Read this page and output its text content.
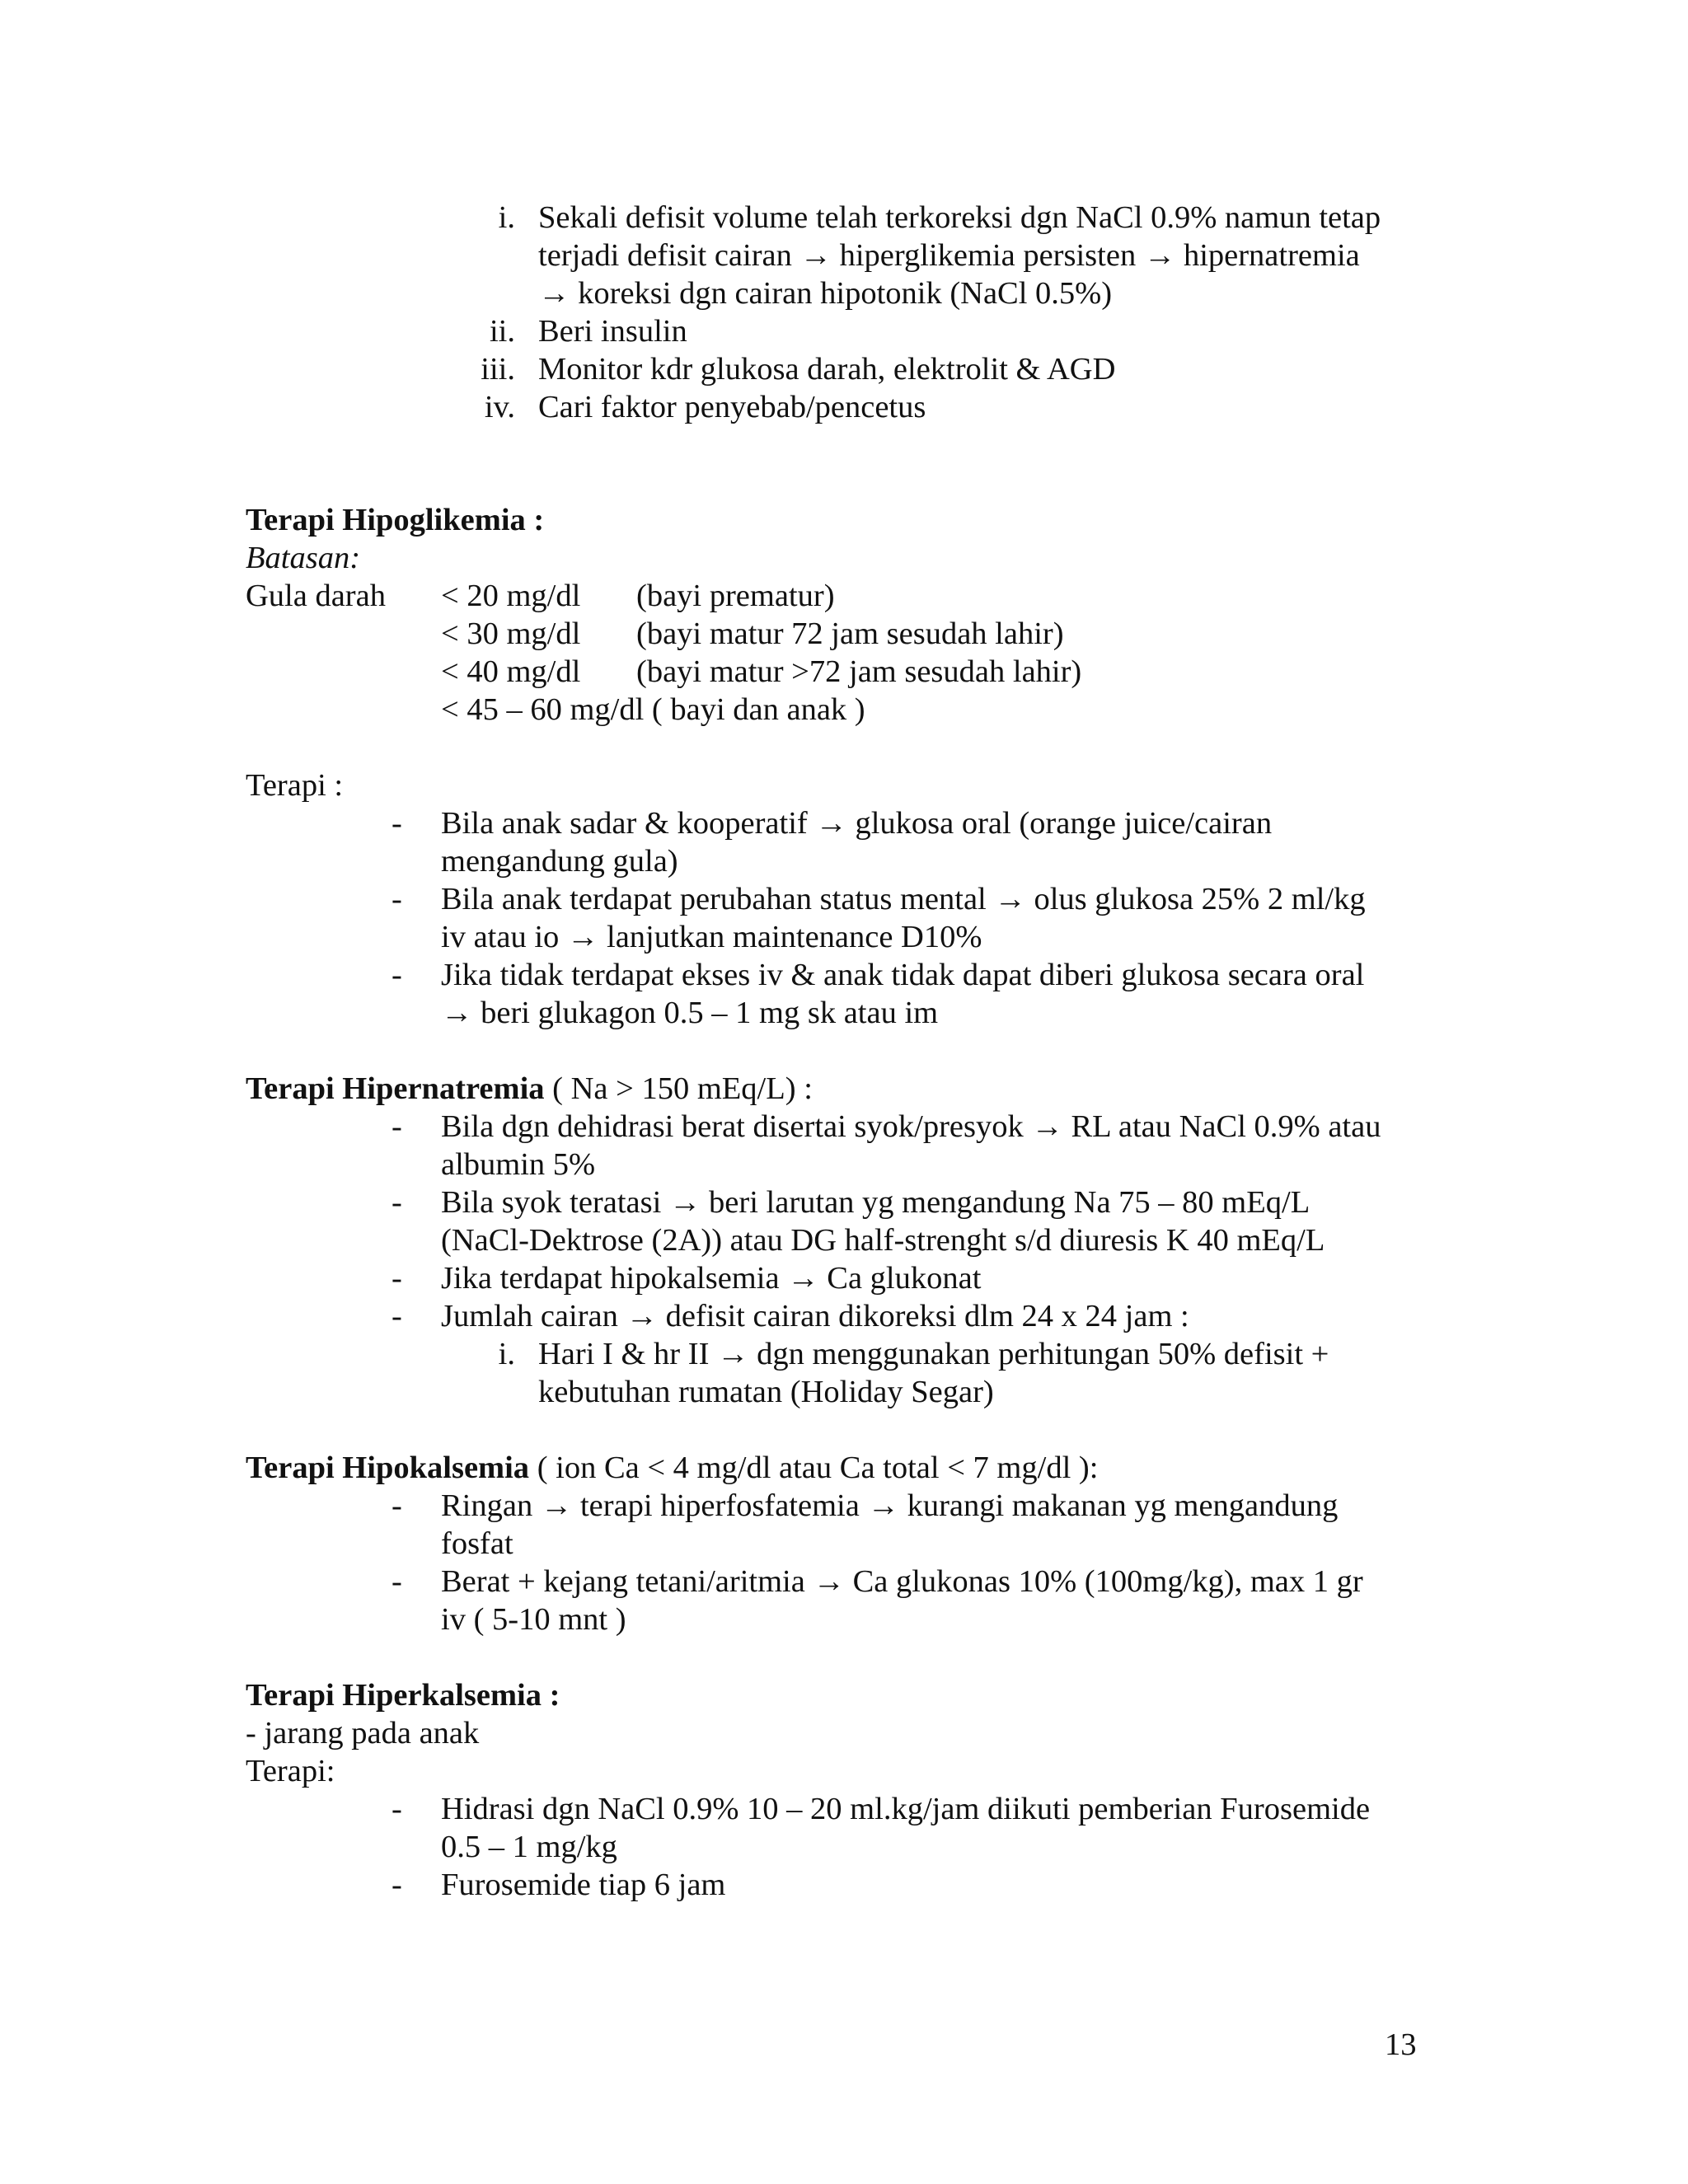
i. Sekali defisit volume telah terkoreksi dgn NaCl 0.9% namun tetap
terjadi defisit cairan → hiperglikemia persisten → hipernatremia
→ koreksi dgn cairan hipotonik (NaCl 0.5%)
ii. Beri insulin
iii. Monitor kdr glukosa darah, elektrolit & AGD
iv. Cari faktor penyebab/pencetus
Terapi Hipoglikemia :
Batasan:
Gula darah < 20 mg/dl (bayi prematur)
< 30 mg/dl (bayi matur 72 jam sesudah lahir)
< 40 mg/dl (bayi matur >72 jam sesudah lahir)
< 45 – 60 mg/dl ( bayi dan anak )
Terapi :
-	Bila anak sadar & kooperatif → glukosa oral (orange juice/cairan
mengandung gula)
-	Bila anak terdapat perubahan status mental → olus glukosa 25% 2 ml/kg
iv atau io → lanjutkan maintenance D10%
-	Jika tidak terdapat ekses iv & anak tidak dapat diberi glukosa secara oral
→ beri glukagon 0.5 – 1 mg sk atau im
Terapi Hipernatremia ( Na > 150 mEq/L) :
-	Bila dgn dehidrasi berat disertai syok/presyok → RL atau NaCl 0.9% atau
albumin 5%
-	Bila syok teratasi → beri larutan yg mengandung Na 75 – 80 mEq/L
(NaCl-Dektrose (2A)) atau DG half-strenght s/d diuresis K 40 mEq/L
-	Jika terdapat hipokalsemia → Ca glukonat
-	Jumlah cairan → defisit cairan dikoreksi dlm 24 x 24 jam :
i. Hari I & hr II → dgn menggunakan perhitungan 50% defisit +
kebutuhan rumatan (Holiday Segar)
Terapi Hipokalsemia ( ion Ca < 4 mg/dl atau Ca total < 7 mg/dl ):
-	Ringan → terapi hiperfosfatemia → kurangi makanan yg mengandung
fosfat
-	Berat + kejang tetani/aritmia → Ca glukonas 10% (100mg/kg), max 1 gr
iv ( 5-10 mnt )
Terapi Hiperkalsemia :
- jarang pada anak
Terapi:
-	Hidrasi dgn NaCl 0.9% 10 – 20 ml.kg/jam diikuti pemberian Furosemide
0.5 – 1 mg/kg
-	Furosemide tiap 6 jam
13
